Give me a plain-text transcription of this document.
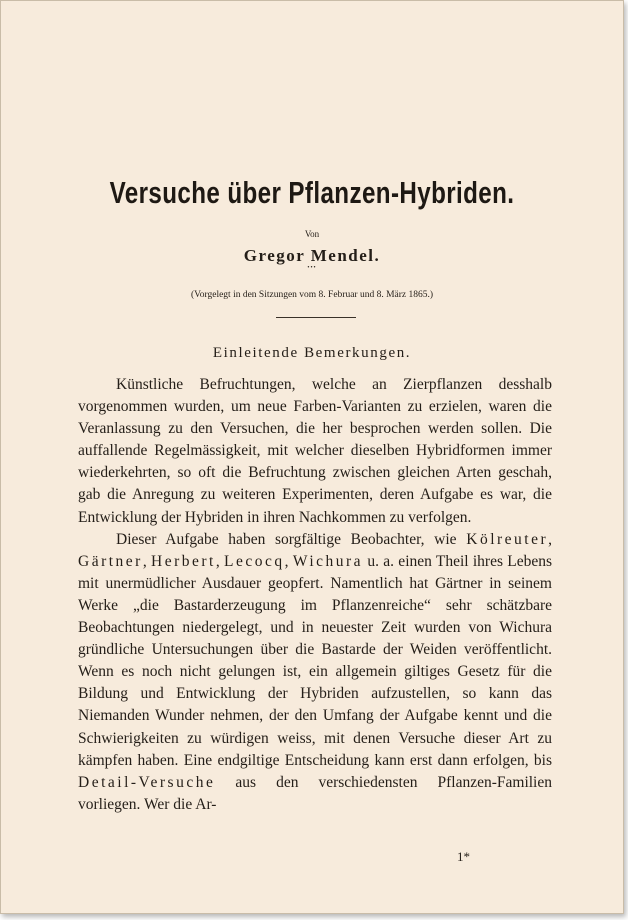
Versuche über Pflanzen-Hybriden.
Von
Gregor Mendel.
•••
(Vorgelegt in den Sitzungen vom 8. Februar und 8. März 1865.)
Einleitende Bemerkungen.

Künstliche Befruchtungen, welche an Zierpflanzen desshalb vorgenommen wurden, um neue Farben-Varianten zu erzielen, waren die Veranlassung zu den Versuchen, die her besprochen werden sollen. Die auffallende Regelmässigkeit, mit welcher dieselben Hybridformen immer wiederkehrten, so oft die Befruchtung zwischen gleichen Arten geschah, gab die Anregung zu weiteren Experimenten, deren Aufgabe es war, die Entwicklung der Hybriden in ihren Nachkommen zu verfolgen.

Dieser Aufgabe haben sorgfältige Beobachter, wie Kölreuter, Gärtner, Herbert, Lecocq, Wichura u. a. einen Theil ihres Lebens mit unermüdlicher Ausdauer geopfert. Namentlich hat Gärtner in seinem Werke „die Bastarderzeugung im Pflanzenreiche“ sehr schätzbare Beobachtungen niedergelegt, und in neuester Zeit wurden von Wichura gründliche Untersuchungen über die Bastarde der Weiden veröffentlicht. Wenn es noch nicht gelungen ist, ein allgemein giltiges Gesetz für die Bildung und Entwicklung der Hybriden aufzustellen, so kann das Niemanden Wunder nehmen, der den Umfang der Aufgabe kennt und die Schwierigkeiten zu würdigen weiss, mit denen Versuche dieser Art zu kämpfen haben. Eine endgiltige Entscheidung kann erst dann erfolgen, bis Detail-Versuche aus den verschiedensten Pflanzen-Familien vorliegen. Wer die Ar-

1*
